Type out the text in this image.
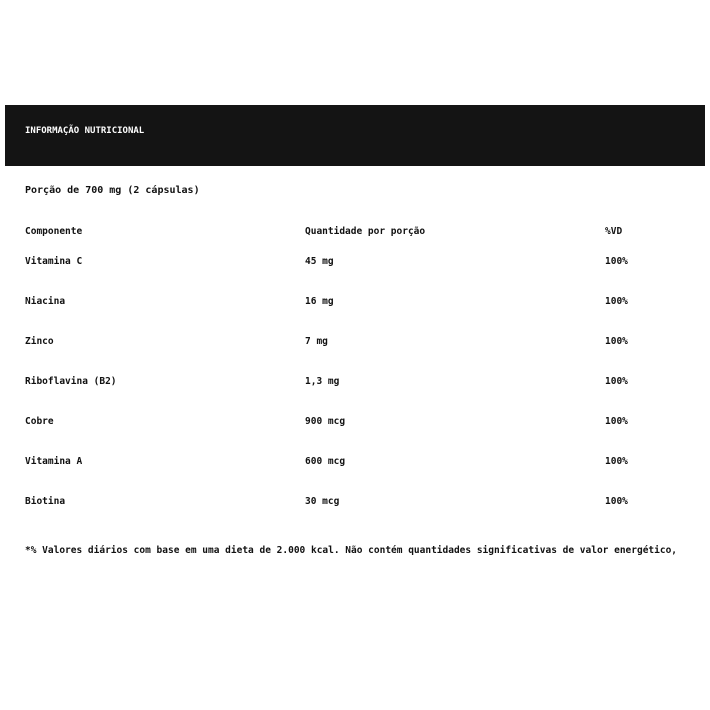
INFORMAÇÃO NUTRICIONAL
Porção de 700 mg (2 cápsulas)
Componente	Quantidade por porção	%VD
Vitamina C	45 mg	100%
Niacina	16 mg	100%
Zinco	7 mg	100%
Riboflavina (B2)	1,3 mg	100%
Cobre	900 mcg	100%
Vitamina A	600 mcg	100%
Biotina	30 mcg	100%
*% Valores diários com base em uma dieta de 2.000 kcal. Não contém quantidades significativas de valor energético,
